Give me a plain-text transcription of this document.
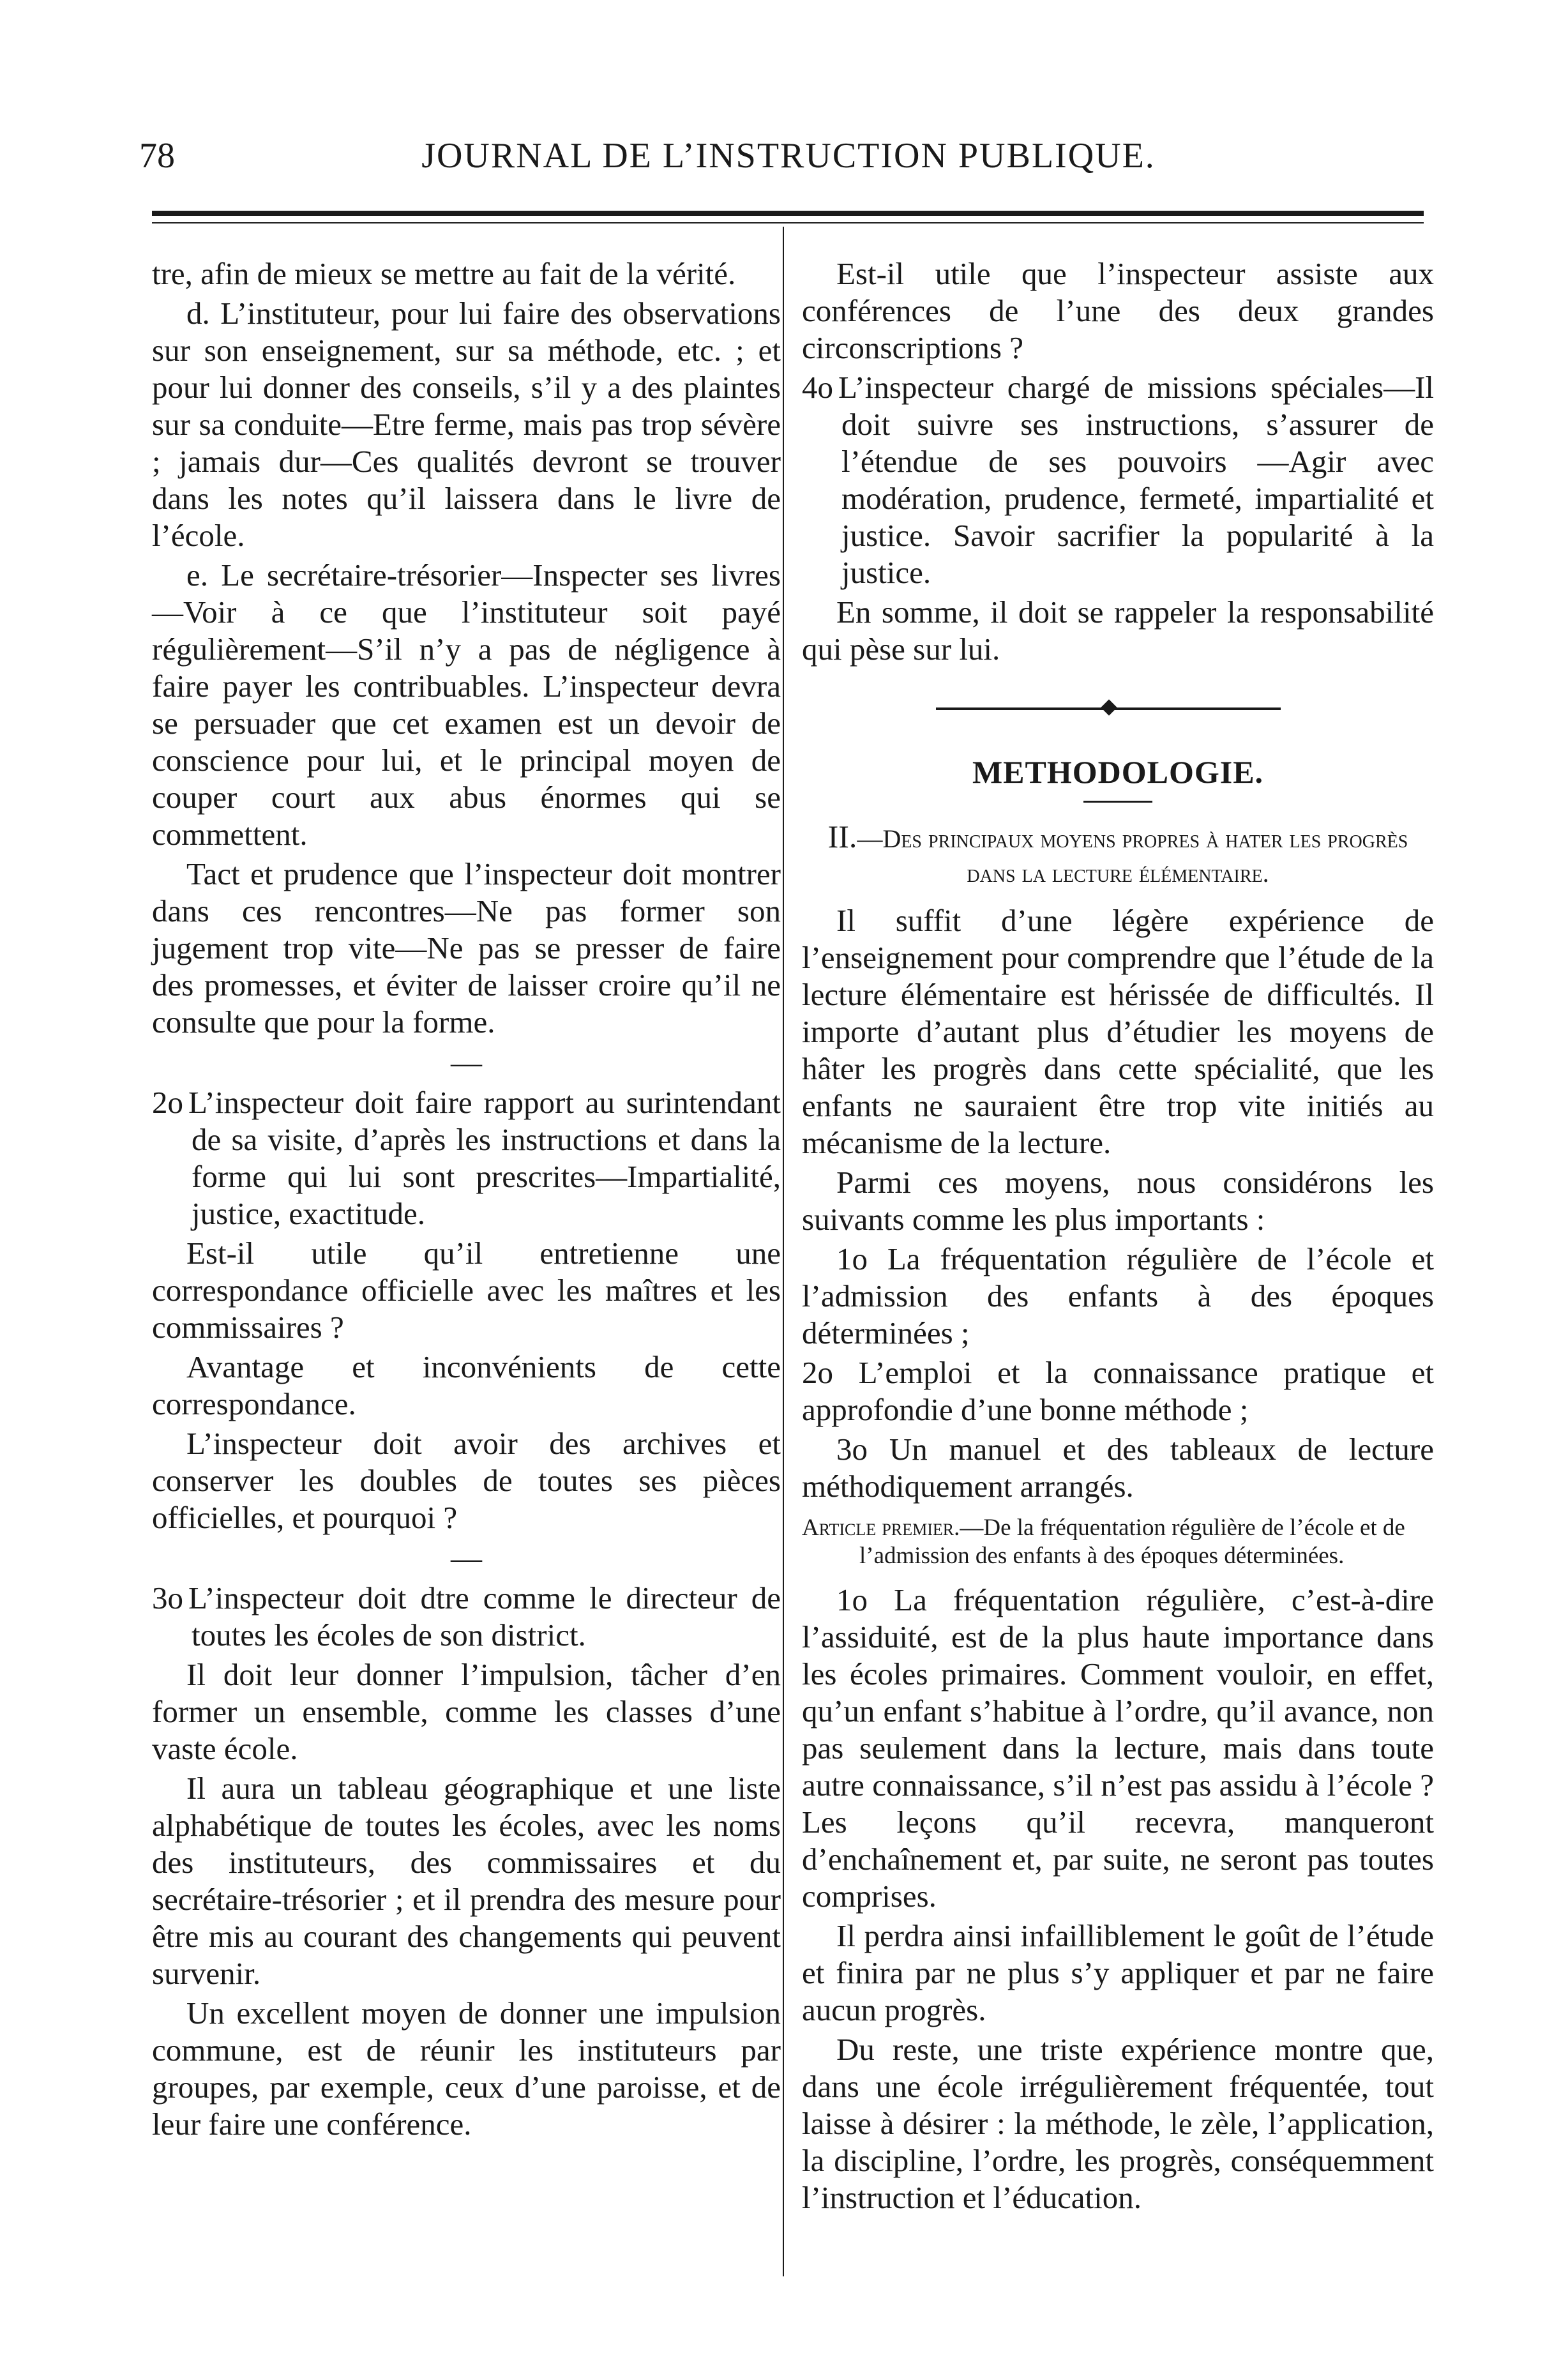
78	JOURNAL DE L’INSTRUCTION PUBLIQUE.

tre, afin de mieux se mettre au fait de la vérité.

d. L’instituteur, pour lui faire des observations sur son enseignement, sur sa méthode, etc. ; et pour lui donner des conseils, s’il y a des plaintes sur sa conduite—Etre ferme, mais pas trop sévère ; jamais dur—Ces qualités devront se trouver dans les notes qu’il laissera dans le livre de l’école.

e. Le secrétaire-trésorier—Inspecter ses livres—Voir à ce que l’instituteur soit payé régulièrement—S’il n’y a pas de négligence à faire payer les contribuables. L’inspecteur devra se persuader que cet examen est un devoir de conscience pour lui, et le principal moyen de couper court aux abus énormes qui se commettent.

Tact et prudence que l’inspecteur doit montrer dans ces rencontres—Ne pas former son jugement trop vite—Ne pas se presser de faire des promesses, et éviter de laisser croire qu’il ne consulte que pour la forme.

—

2o L’inspecteur doit faire rapport au surintendant de sa visite, d’après les instructions et dans la forme qui lui sont prescrites—Impartialité, justice, exactitude.

Est-il utile qu’il entretienne une correspondance officielle avec les maîtres et les commissaires ?

Avantage et inconvénients de cette correspondance.

L’inspecteur doit avoir des archives et conserver les doubles de toutes ses pièces officielles, et pourquoi ?

—

3o L’inspecteur doit dtre comme le directeur de toutes les écoles de son district.

Il doit leur donner l’impulsion, tâcher d’en former un ensemble, comme les classes d’une vaste école.

Il aura un tableau géographique et une liste alphabétique de toutes les écoles, avec les noms des instituteurs, des commissaires et du secrétaire-trésorier ; et il prendra des mesure pour être mis au courant des changements qui peuvent survenir.

Un excellent moyen de donner une impulsion commune, est de réunir les instituteurs par groupes, par exemple, ceux d’une paroisse, et de leur faire une conférence.

Est-il utile que l’inspecteur assiste aux conférences de l’une des deux grandes circonscriptions ?

4o L’inspecteur chargé de missions spéciales—Il doit suivre ses instructions, s’assurer de l’étendue de ses pouvoirs —Agir avec modération, prudence, fermeté, impartialité et justice. Savoir sacrifier la popularité à la justice.

En somme, il doit se rappeler la responsabilité qui pèse sur lui.

METHODOLOGIE.
II.—Des principaux moyens propres à hater les progrès dans la lecture élémentaire.

Il suffit d’une légère expérience de l’enseignement pour comprendre que l’étude de la lecture élémentaire est hérissée de difficultés. Il importe d’autant plus d’étudier les moyens de hâter les progrès dans cette spécialité, que les enfants ne sauraient être trop vite initiés au mécanisme de la lecture.

Parmi ces moyens, nous considérons les suivants comme les plus importants :

1o La fréquentation régulière de l’école et l’admission des enfants à des époques déterminées ;

2o L’emploi et la connaissance pratique et approfondie d’une bonne méthode ;

3o Un manuel et des tableaux de lecture méthodiquement arrangés.

Article premier.—De la fréquentation régulière de l’école et de l’admission des enfants à des époques déterminées.

1o La fréquentation régulière, c’est-à-dire l’assiduité, est de la plus haute importance dans les écoles primaires. Comment vouloir, en effet, qu’un enfant s’habitue à l’ordre, qu’il avance, non pas seulement dans la lecture, mais dans toute autre connaissance, s’il n’est pas assidu à l’école ? Les leçons qu’il recevra, manqueront d’enchaînement et, par suite, ne seront pas toutes comprises.

Il perdra ainsi infailliblement le goût de l’étude et finira par ne plus s’y appliquer et par ne faire aucun progrès.

Du reste, une triste expérience montre que, dans une école irrégulièrement fréquentée, tout laisse à désirer : la méthode, le zèle, l’application, la discipline, l’ordre, les progrès, conséquemment l’instruction et l’éducation.
